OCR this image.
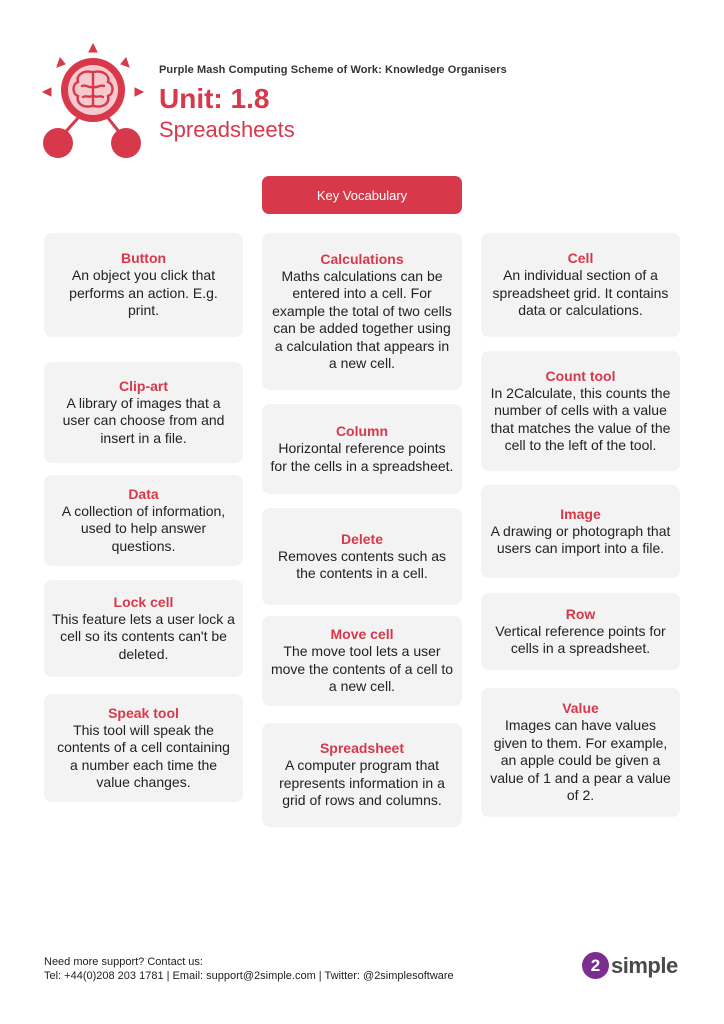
Purple Mash Computing Scheme of Work: Knowledge Organisers
Unit: 1.8
Spreadsheets
Key Vocabulary
Button
An object you click that performs an action. E.g. print.
Clip-art
A library of images that a user can choose from and insert in a file.
Data
A collection of information, used to help answer questions.
Lock cell
This feature lets a user lock a cell so its contents can't be deleted.
Speak tool
This tool will speak the contents of a cell containing a number each time the value changes.
Calculations
Maths calculations can be entered into a cell. For example the total of two cells can be added together using a calculation that appears in a new cell.
Column
Horizontal reference points for the cells in a spreadsheet.
Delete
Removes contents such as the contents in a cell.
Move cell
The move tool lets a user move the contents of a cell to a new cell.
Spreadsheet
A computer program that represents information in a grid of rows and columns.
Cell
An individual section of a spreadsheet grid. It contains data or calculations.
Count tool
In 2Calculate, this counts the number of cells with a value that matches the value of the cell to the left of the tool.
Image
A drawing or photograph that users can import into a file.
Row
Vertical reference points for cells in a spreadsheet.
Value
Images can have values given to them. For example, an apple could be given a value of 1 and a pear a value of 2.
Need more support? Contact us:
Tel: +44(0)208 203 1781 | Email: support@2simple.com | Twitter: @2simplesoftware
2 simple
